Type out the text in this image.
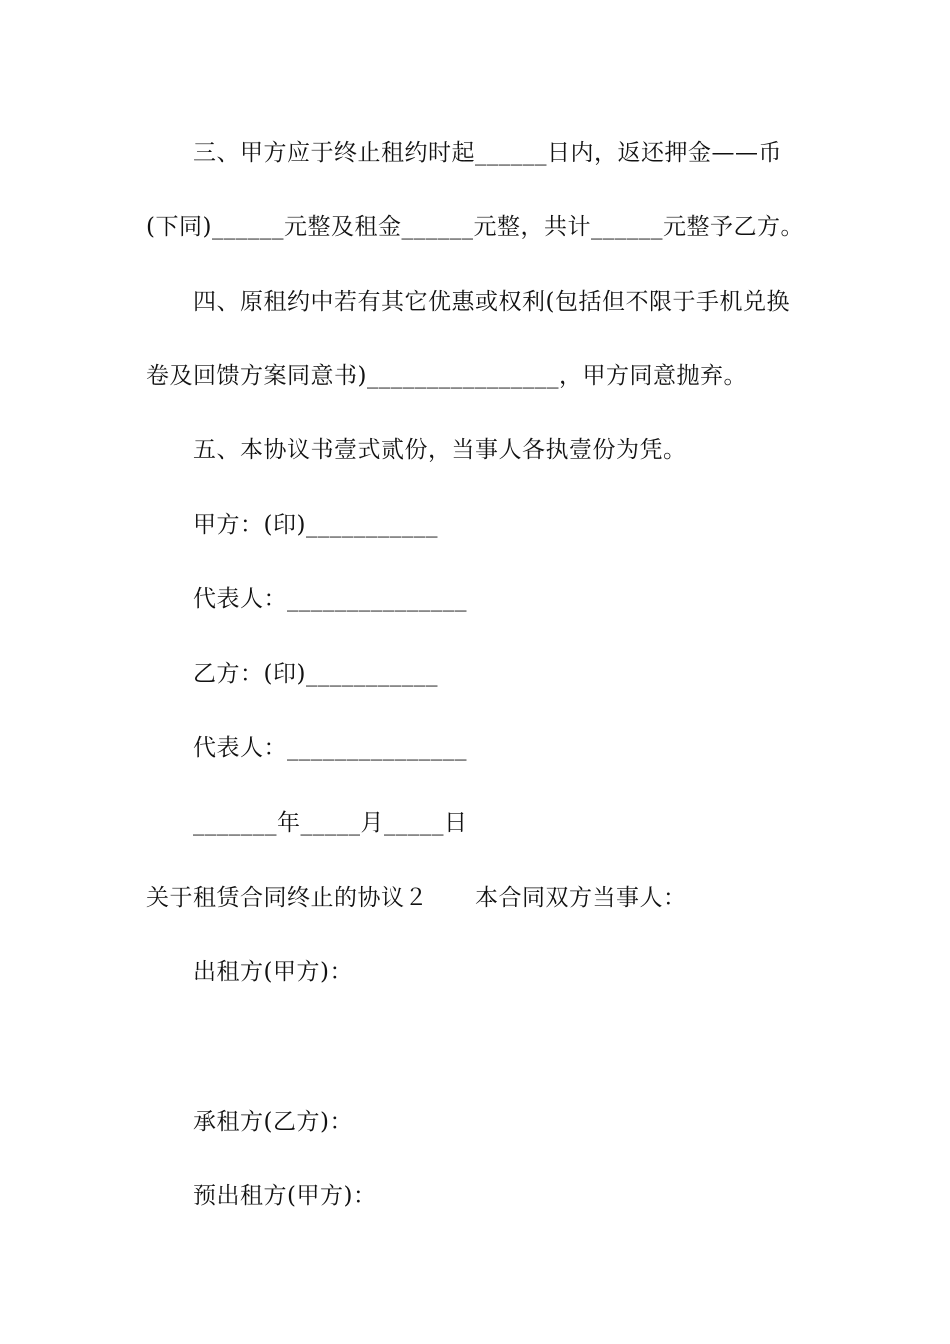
三、甲方应于终止租约时起______日内，返还押金——币
(下同)______元整及租金______元整，共计______元整予乙方。
四、原租约中若有其它优惠或权利(包括但不限于手机兑换
卷及回馈方案同意书)________________，甲方同意抛弃。
五、本协议书壹式贰份，当事人各执壹份为凭。
甲方：(印)___________
代表人：_______________
乙方：(印)___________
代表人：_______________
_______年_____月_____日
关于租赁合同终止的协议２　　本合同双方当事人：
出租方(甲方)：
承租方(乙方)：
预出租方(甲方)：
